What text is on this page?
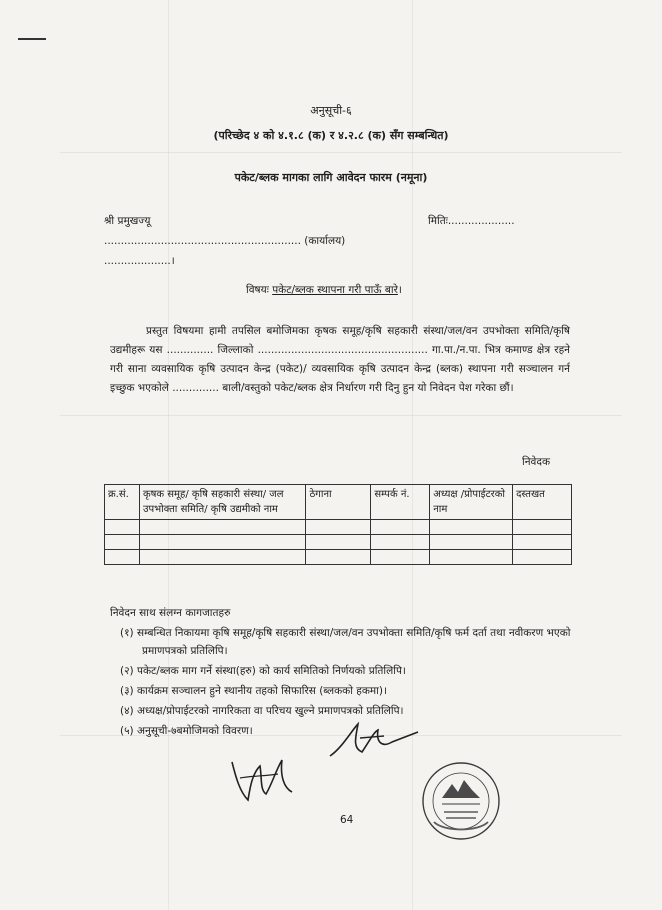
अनुसूची-६
(परिच्छेद ४ को ४.१.८ (क) र ४.२.८ (क) सँग सम्बन्धित)
पकेट/ब्लक मागका लागि आवेदन फारम (नमूना)
श्री प्रमुखज्यू	मितिः....................
........................................................... (कार्यालय)
....................।
विषयः पकेट/ब्लक स्थापना गरी पाऊँ बारे।
प्रस्तुत विषयमा हामी तपसिल बमोजिमका कृषक समूह/कृषि सहकारी संस्था/जल/वन उपभोक्ता समिति/कृषि उद्यमीहरू यस .............. जिल्लाको ................................................... गा.पा./न.पा. भित्र कमाण्ड क्षेत्र रहने गरी साना व्यवसायिक कृषि उत्पादन केन्द्र (पकेट)/ व्यवसायिक कृषि उत्पादन केन्द्र (ब्लक) स्थापना गरी सञ्चालन गर्न इच्छुक भएकोले .............. बाली/वस्तुको पकेट/ब्लक क्षेत्र निर्धारण गरी दिनु हुन यो निवेदन पेश गरेका छौं।
निवेदक
क्र.सं.	कृषक समूह/ कृषि सहकारी संस्था/ जल उपभोक्ता समिति/ कृषि उद्यमीको नाम	ठेगाना	सम्पर्क नं.	अध्यक्ष /प्रोपाईटरको नाम	दस्तखत

निवेदन साथ संलग्न कागजातहरु
(१) सम्बन्धित निकायमा कृषि समूह/कृषि सहकारी संस्था/जल/वन उपभोक्ता समिति/कृषि फर्म दर्ता तथा नवीकरण भएको प्रमाणपत्रको प्रतिलिपि।
(२) पकेट/ब्लक माग गर्ने संस्था(हरु) को कार्य समितिको निर्णयको प्रतिलिपि।
(३) कार्यक्रम सञ्चालन हुने स्थानीय तहको सिफारिस (ब्लकको हकमा)।
(४) अध्यक्ष/प्रोपाईटरको नागरिकता वा परिचय खुल्ने प्रमाणपत्रको प्रतिलिपि।
(५) अनुसूची-७बमोजिमको विवरण।
64
